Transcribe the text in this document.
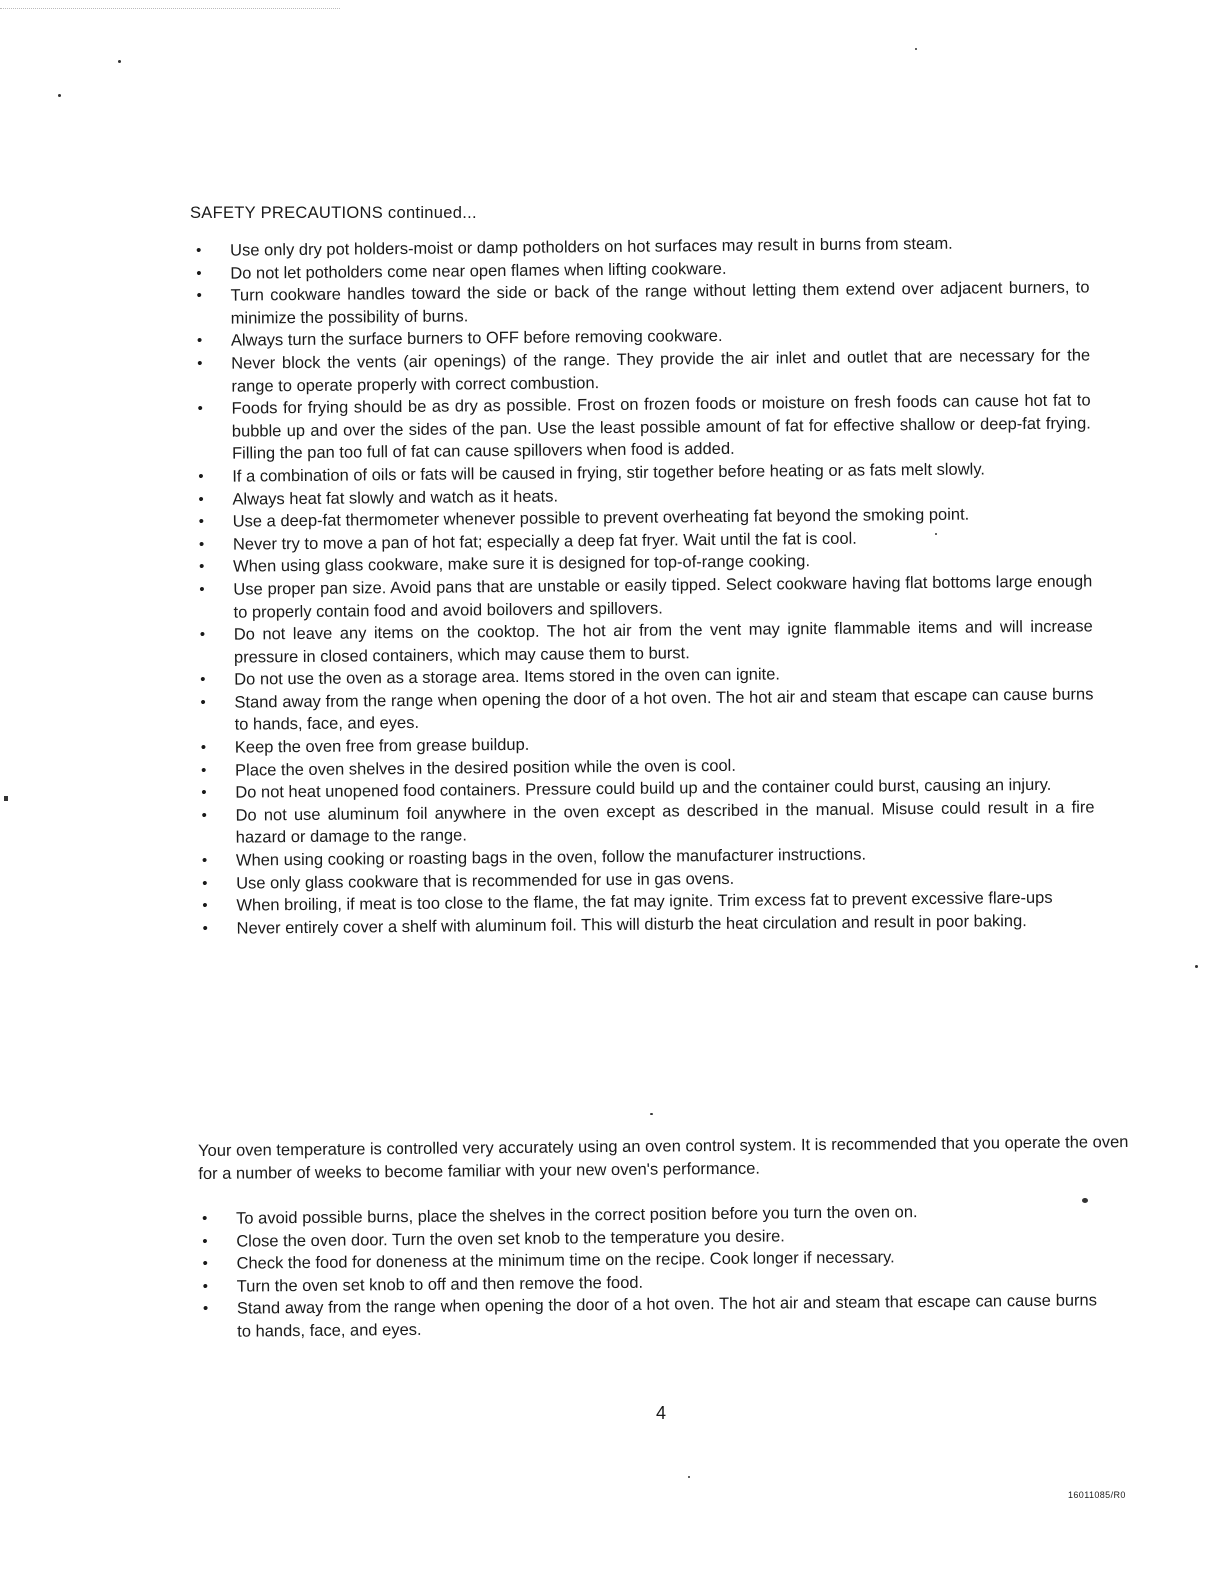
SAFETY PRECAUTIONS continued...
• Use only dry pot holders-moist or damp potholders on hot surfaces may result in burns from steam.
• Do not let potholders come near open flames when lifting cookware.
• Turn cookware handles toward the side or back of the range without letting them extend over adjacent burners, to minimize the possibility of burns.
• Always turn the surface burners to OFF before removing cookware.
• Never block the vents (air openings) of the range. They provide the air inlet and outlet that are necessary for the range to operate properly with correct combustion.
• Foods for frying should be as dry as possible. Frost on frozen foods or moisture on fresh foods can cause hot fat to bubble up and over the sides of the pan. Use the least possible amount of fat for effective shallow or deep-fat frying. Filling the pan too full of fat can cause spillovers when food is added.
• If a combination of oils or fats will be caused in frying, stir together before heating or as fats melt slowly.
• Always heat fat slowly and watch as it heats.
• Use a deep-fat thermometer whenever possible to prevent overheating fat beyond the smoking point.
• Never try to move a pan of hot fat; especially a deep fat fryer. Wait until the fat is cool.
• When using glass cookware, make sure it is designed for top-of-range cooking.
• Use proper pan size. Avoid pans that are unstable or easily tipped. Select cookware having flat bottoms large enough to properly contain food and avoid boilovers and spillovers.
• Do not leave any items on the cooktop. The hot air from the vent may ignite flammable items and will increase pressure in closed containers, which may cause them to burst.
• Do not use the oven as a storage area. Items stored in the oven can ignite.
• Stand away from the range when opening the door of a hot oven. The hot air and steam that escape can cause burns to hands, face, and eyes.
• Keep the oven free from grease buildup.
• Place the oven shelves in the desired position while the oven is cool.
• Do not heat unopened food containers. Pressure could build up and the container could burst, causing an injury.
• Do not use aluminum foil anywhere in the oven except as described in the manual. Misuse could result in a fire hazard or damage to the range.
• When using cooking or roasting bags in the oven, follow the manufacturer instructions.
• Use only glass cookware that is recommended for use in gas ovens.
• When broiling, if meat is too close to the flame, the fat may ignite. Trim excess fat to prevent excessive flare-ups
• Never entirely cover a shelf with aluminum foil. This will disturb the heat circulation and result in poor baking.

Your oven temperature is controlled very accurately using an oven control system. It is recommended that you operate the oven for a number of weeks to become familiar with your new oven's performance.

• To avoid possible burns, place the shelves in the correct position before you turn the oven on.
• Close the oven door. Turn the oven set knob to the temperature you desire.
• Check the food for doneness at the minimum time on the recipe. Cook longer if necessary.
• Turn the oven set knob to off and then remove the food.
• Stand away from the range when opening the door of a hot oven. The hot air and steam that escape can cause burns to hands, face, and eyes.
4
16011085/R0
